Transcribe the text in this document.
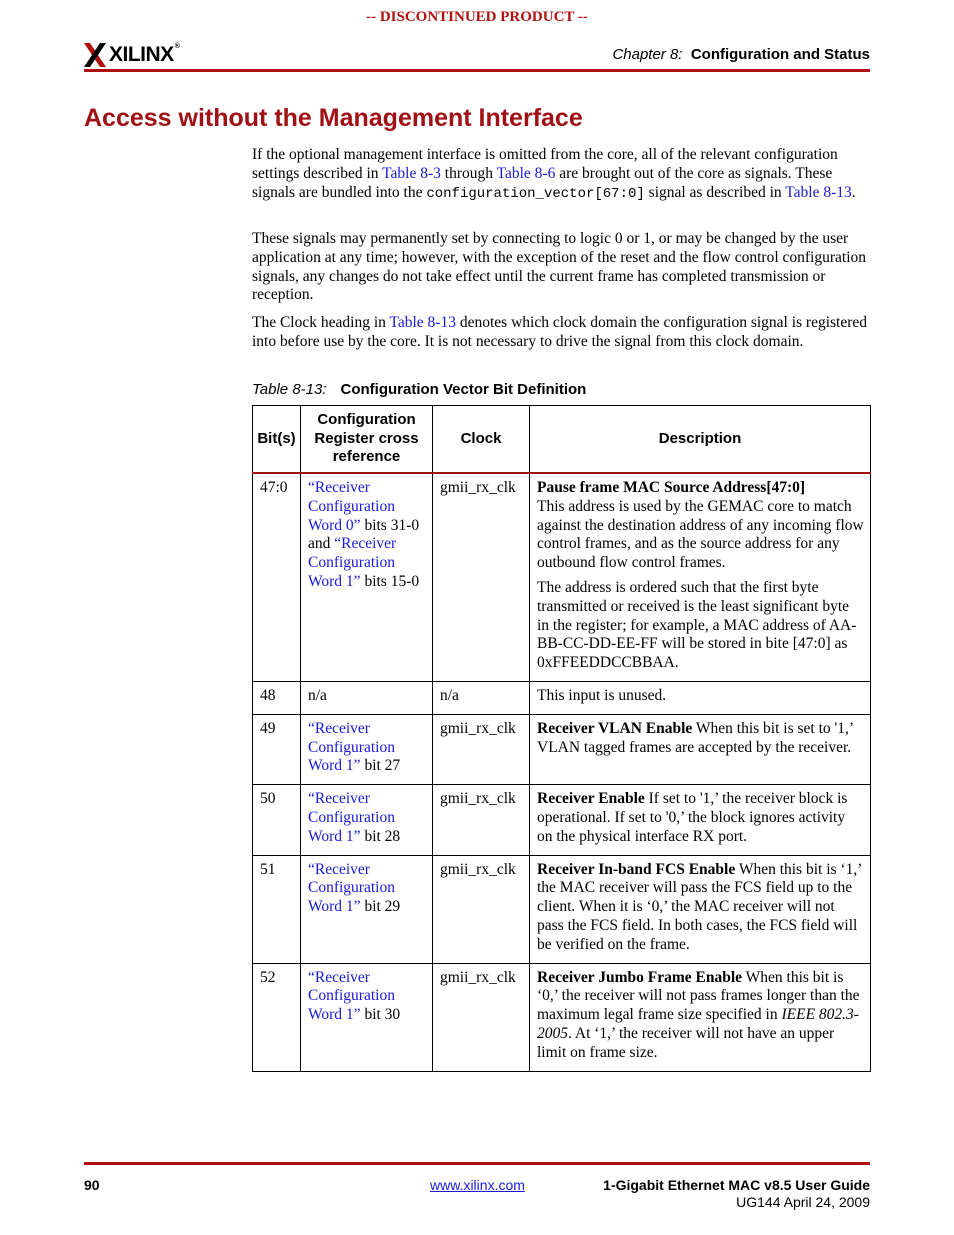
-- DISCONTINUED PRODUCT --
XILINX®	Chapter 8: Configuration and Status
Access without the Management Interface
If the optional management interface is omitted from the core, all of the relevant configuration settings described in Table 8-3 through Table 8-6 are brought out of the core as signals. These signals are bundled into the configuration_vector[67:0] signal as described in Table 8-13.
These signals may permanently set by connecting to logic 0 or 1, or may be changed by the user application at any time; however, with the exception of the reset and the flow control configuration signals, any changes do not take effect until the current frame has completed transmission or reception.
The Clock heading in Table 8-13 denotes which clock domain the configuration signal is registered into before use by the core. It is not necessary to drive the signal from this clock domain.
Table 8-13: Configuration Vector Bit Definition
Bit(s)	Configuration Register cross reference	Clock	Description
47:0	“Receiver Configuration Word 0” bits 31-0 and “Receiver Configuration Word 1” bits 15-0	gmii_rx_clk	Pause frame MAC Source Address[47:0]
This address is used by the GEMAC core to match against the destination address of any incoming flow control frames, and as the source address for any outbound flow control frames.
The address is ordered such that the first byte transmitted or received is the least significant byte in the register; for example, a MAC address of AA-BB-CC-DD-EE-FF will be stored in bite [47:0] as 0xFFEEDDCCBBAA.

48	n/a	n/a	This input is unused.
49	“Receiver Configuration Word 1” bit 27	gmii_rx_clk	Receiver VLAN Enable When this bit is set to '1,’ VLAN tagged frames are accepted by the receiver.
50	“Receiver Configuration Word 1” bit 28	gmii_rx_clk	Receiver Enable If set to '1,’ the receiver block is operational. If set to '0,’ the block ignores activity on the physical interface RX port.
51	“Receiver Configuration Word 1” bit 29	gmii_rx_clk	Receiver In-band FCS Enable When this bit is ‘1,’ the MAC receiver will pass the FCS field up to the client. When it is ‘0,’ the MAC receiver will not pass the FCS field. In both cases, the FCS field will be verified on the frame.
52	“Receiver Configuration Word 1” bit 30	gmii_rx_clk	Receiver Jumbo Frame Enable When this bit is ‘0,’ the receiver will not pass frames longer than the maximum legal frame size specified in IEEE 802.3-2005. At ‘1,’ the receiver will not have an upper limit on frame size.
90	www.xilinx.com	1-Gigabit Ethernet MAC v8.5 User Guide
UG144 April 24, 2009
